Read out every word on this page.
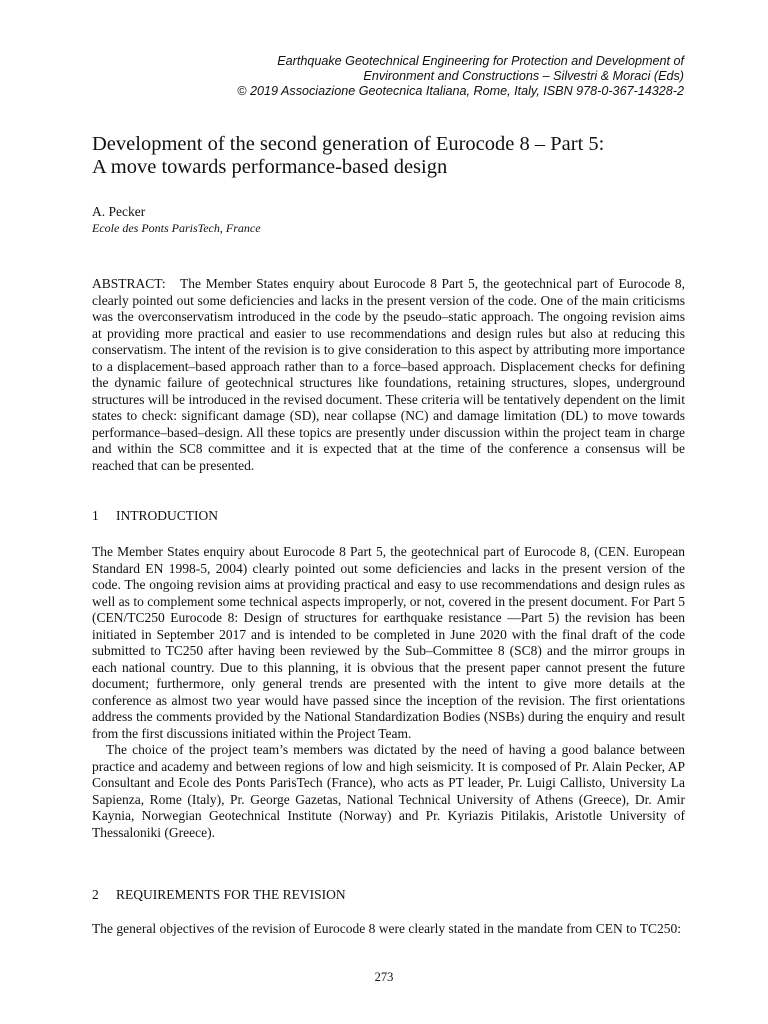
Earthquake Geotechnical Engineering for Protection and Development of
Environment and Constructions – Silvestri & Moraci (Eds)
© 2019 Associazione Geotecnica Italiana, Rome, Italy, ISBN 978-0-367-14328-2
Development of the second generation of Eurocode 8 – Part 5:
A move towards performance-based design
A. Pecker
Ecole des Ponts ParisTech, France
ABSTRACT: The Member States enquiry about Eurocode 8 Part 5, the geotechnical part of Eurocode 8, clearly pointed out some deficiencies and lacks in the present version of the code. One of the main criticisms was the overconservatism introduced in the code by the pseudo–static approach. The ongoing revision aims at providing more practical and easier to use recommendations and design rules but also at reducing this conservatism. The intent of the revision is to give consideration to this aspect by attributing more importance to a displacement–based approach rather than to a force–based approach. Displacement checks for defining the dynamic failure of geotechnical structures like foundations, retaining structures, slopes, underground structures will be introduced in the revised document. These criteria will be tentatively dependent on the limit states to check: significant damage (SD), near collapse (NC) and damage limitation (DL) to move towards performance–based–design. All these topics are presently under discussion within the project team in charge and within the SC8 committee and it is expected that at the time of the conference a consensus will be reached that can be presented.
1 INTRODUCTION

The Member States enquiry about Eurocode 8 Part 5, the geotechnical part of Eurocode 8, (CEN. European Standard EN 1998-5, 2004) clearly pointed out some deficiencies and lacks in the present version of the code. The ongoing revision aims at providing practical and easy to use recommendations and design rules as well as to complement some technical aspects improperly, or not, covered in the present document. For Part 5 (CEN/TC250 Eurocode 8: Design of structures for earthquake resistance —Part 5) the revision has been initiated in September 2017 and is intended to be completed in June 2020 with the final draft of the code submitted to TC250 after having been reviewed by the Sub–Committee 8 (SC8) and the mirror groups in each national country. Due to this planning, it is obvious that the present paper cannot present the future document; furthermore, only general trends are presented with the intent to give more details at the conference as almost two year would have passed since the inception of the revision. The first orientations address the comments provided by the National Standardization Bodies (NSBs) during the enquiry and result from the first discussions initiated within the Project Team.

The choice of the project team’s members was dictated by the need of having a good balance between practice and academy and between regions of low and high seismicity. It is composed of Pr. Alain Pecker, AP Consultant and Ecole des Ponts ParisTech (France), who acts as PT leader, Pr. Luigi Callisto, University La Sapienza, Rome (Italy), Pr. George Gazetas, National Technical University of Athens (Greece), Dr. Amir Kaynia, Norwegian Geotechnical Institute (Norway) and Pr. Kyriazis Pitilakis, Aristotle University of Thessaloniki (Greece).

2 REQUIREMENTS FOR THE REVISION

The general objectives of the revision of Eurocode 8 were clearly stated in the mandate from CEN to TC250:

273
